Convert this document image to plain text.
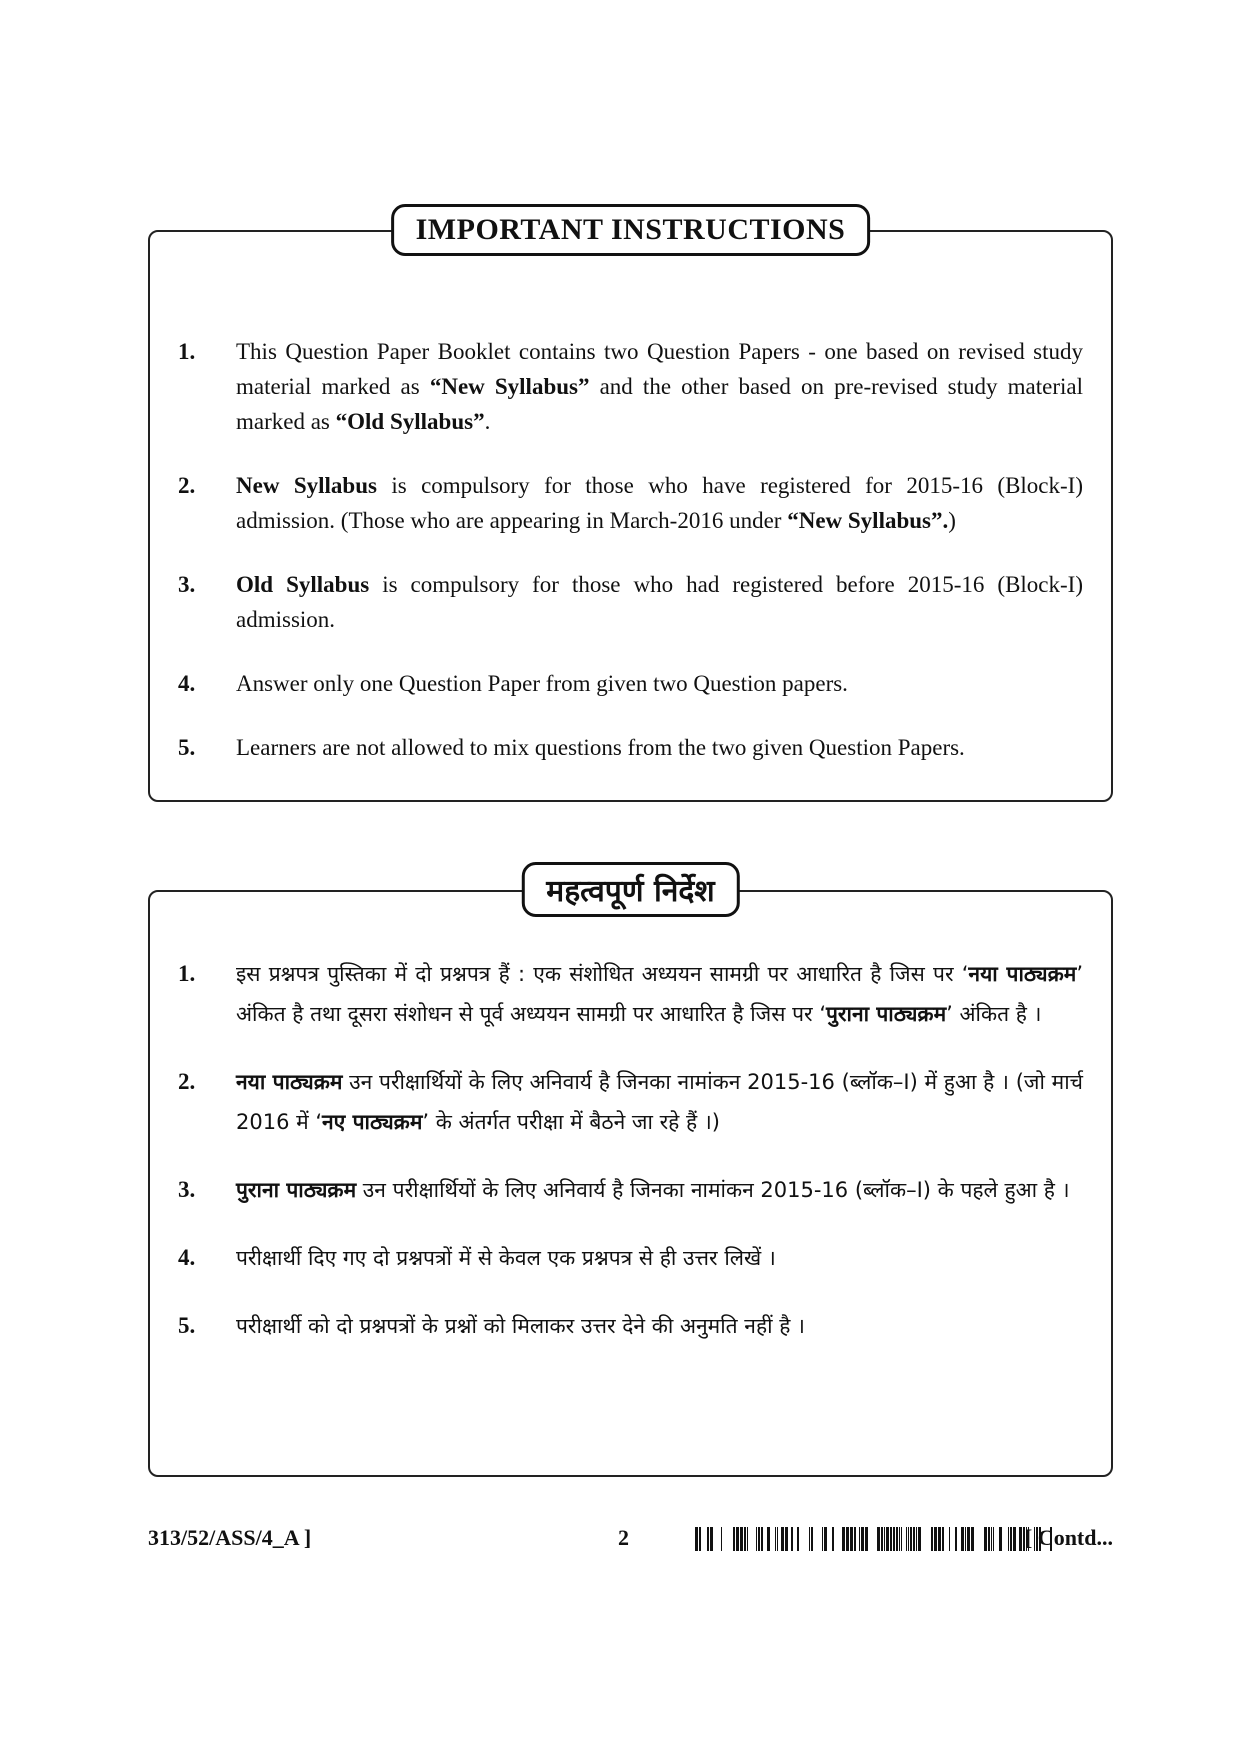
IMPORTANT INSTRUCTIONS
1.	This Question Paper Booklet contains two Question Papers - one based on revised study material marked as “New Syllabus” and the other based on pre-revised study material marked as “Old Syllabus”.
2.	New Syllabus is compulsory for those who have registered for 2015-16 (Block-I) admission. (Those who are appearing in March-2016 under “New Syllabus”.)
3.	Old Syllabus is compulsory for those who had registered before 2015-16 (Block-I) admission.
4.	Answer only one Question Paper from given two Question papers.
5.	Learners are not allowed to mix questions from the two given Question Papers.
महत्वपूर्ण निर्देश
1.	इस प्रश्नपत्र पुस्तिका में दो प्रश्नपत्र हैं : एक संशोधित अध्ययन सामग्री पर आधारित है जिस पर ‘नया पाठ्यक्रम’ अंकित है तथा दूसरा संशोधन से पूर्व अध्ययन सामग्री पर आधारित है जिस पर ‘पुराना पाठ्यक्रम’ अंकित है ।
2.	नया पाठ्यक्रम उन परीक्षार्थियों के लिए अनिवार्य है जिनका नामांकन 2015-16 (ब्लॉक–I) में हुआ है । (जो मार्च 2016 में ‘नए पाठ्यक्रम’ के अंतर्गत परीक्षा में बैठने जा रहे हैं ।)
3.	पुराना पाठ्यक्रम उन परीक्षार्थियों के लिए अनिवार्य है जिनका नामांकन 2015-16 (ब्लॉक–I) के पहले हुआ है ।
4.	परीक्षार्थी दिए गए दो प्रश्नपत्रों में से केवल एक प्रश्नपत्र से ही उत्तर लिखें ।
5.	परीक्षार्थी को दो प्रश्नपत्रों के प्रश्नों को मिलाकर उत्तर देने की अनुमति नहीं है ।
313/52/ASS/4_A ]	2	[ Contd...
